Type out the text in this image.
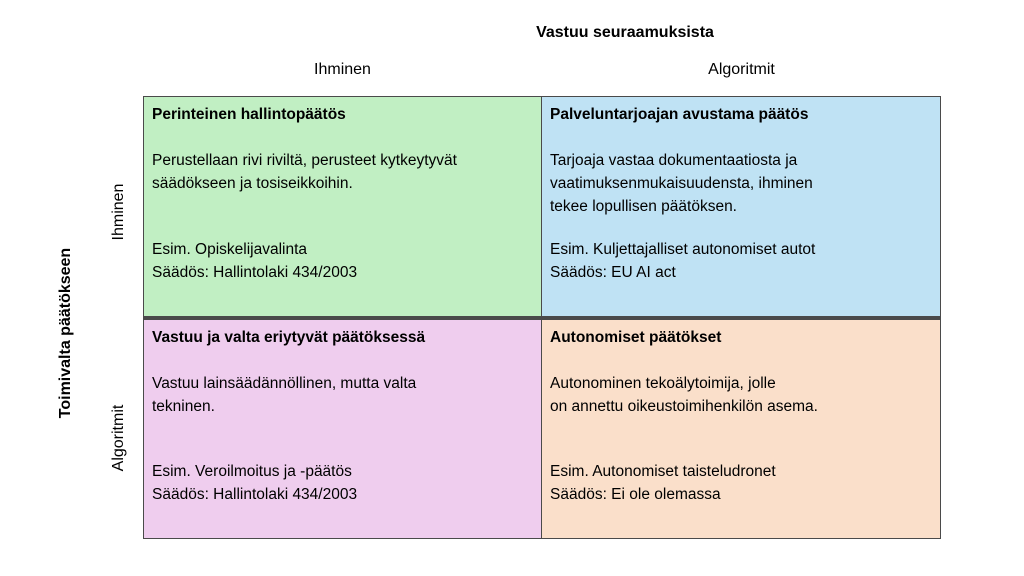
Vastuu seuraamuksista
Ihminen	Algoritmit
Toimivalta päätökseen
Ihminen
Algoritmit
Perinteinen hallintopäätös
Perustellaan rivi riviltä, perusteet kytkeytyvät
säädökseen ja tosiseikkoihin.
Esim. Opiskelijavalinta
Säädös: Hallintolaki 434/2003
Palveluntarjoajan avustama päätös
Tarjoaja vastaa dokumentaatiosta ja
vaatimuksenmukaisuudensta, ihminen
tekee lopullisen päätöksen.
Esim. Kuljettajalliset autonomiset autot
Säädös: EU AI act
Vastuu ja valta eriytyvät päätöksessä
Vastuu lainsäädännöllinen, mutta valta
tekninen.
Esim. Veroilmoitus ja -päätös
Säädös: Hallintolaki 434/2003
Autonomiset päätökset
Autonominen tekoälytoimija, jolle
on annettu oikeustoimihenkilön asema.
Esim. Autonomiset taisteludronet
Säädös: Ei ole olemassa
